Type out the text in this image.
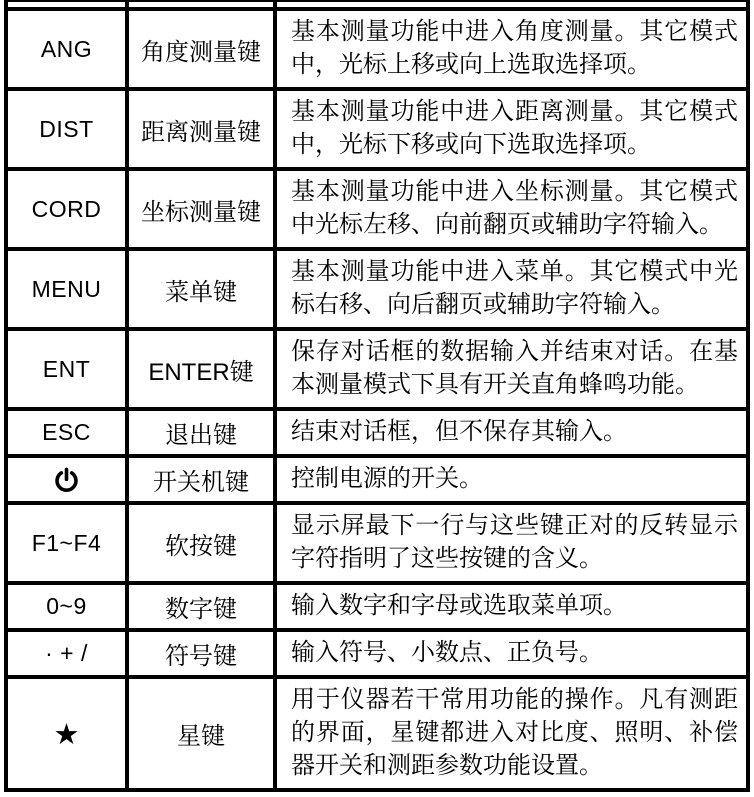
ANG	角度测量键	基本测量功能中进入角度测量。其它模式中，光标上移或向上选取选择项。
DIST	距离测量键	基本测量功能中进入距离测量。其它模式中，光标下移或向下选取选择项。
CORD	坐标测量键	基本测量功能中进入坐标测量。其它模式中光标左移、向前翻页或辅助字符输入。
MENU	菜单键	基本测量功能中进入菜单。其它模式中光标右移、向后翻页或辅助字符输入。
ENT	ENTER键	保存对话框的数据输入并结束对话。在基本测量模式下具有开关直角蜂鸣功能。
ESC	退出键	结束对话框，但不保存其输入。
	开关机键	控制电源的开关。
F1~F4	软按键	显示屏最下一行与这些键正对的反转显示字符指明了这些按键的含义。
0~9	数字键	输入数字和字母或选取菜单项。
· + /	符号键	输入符号、小数点、正负号。
★	星键	用于仪器若干常用功能的操作。凡有测距的界面，星键都进入对比度、照明、补偿器开关和测距参数功能设置。
